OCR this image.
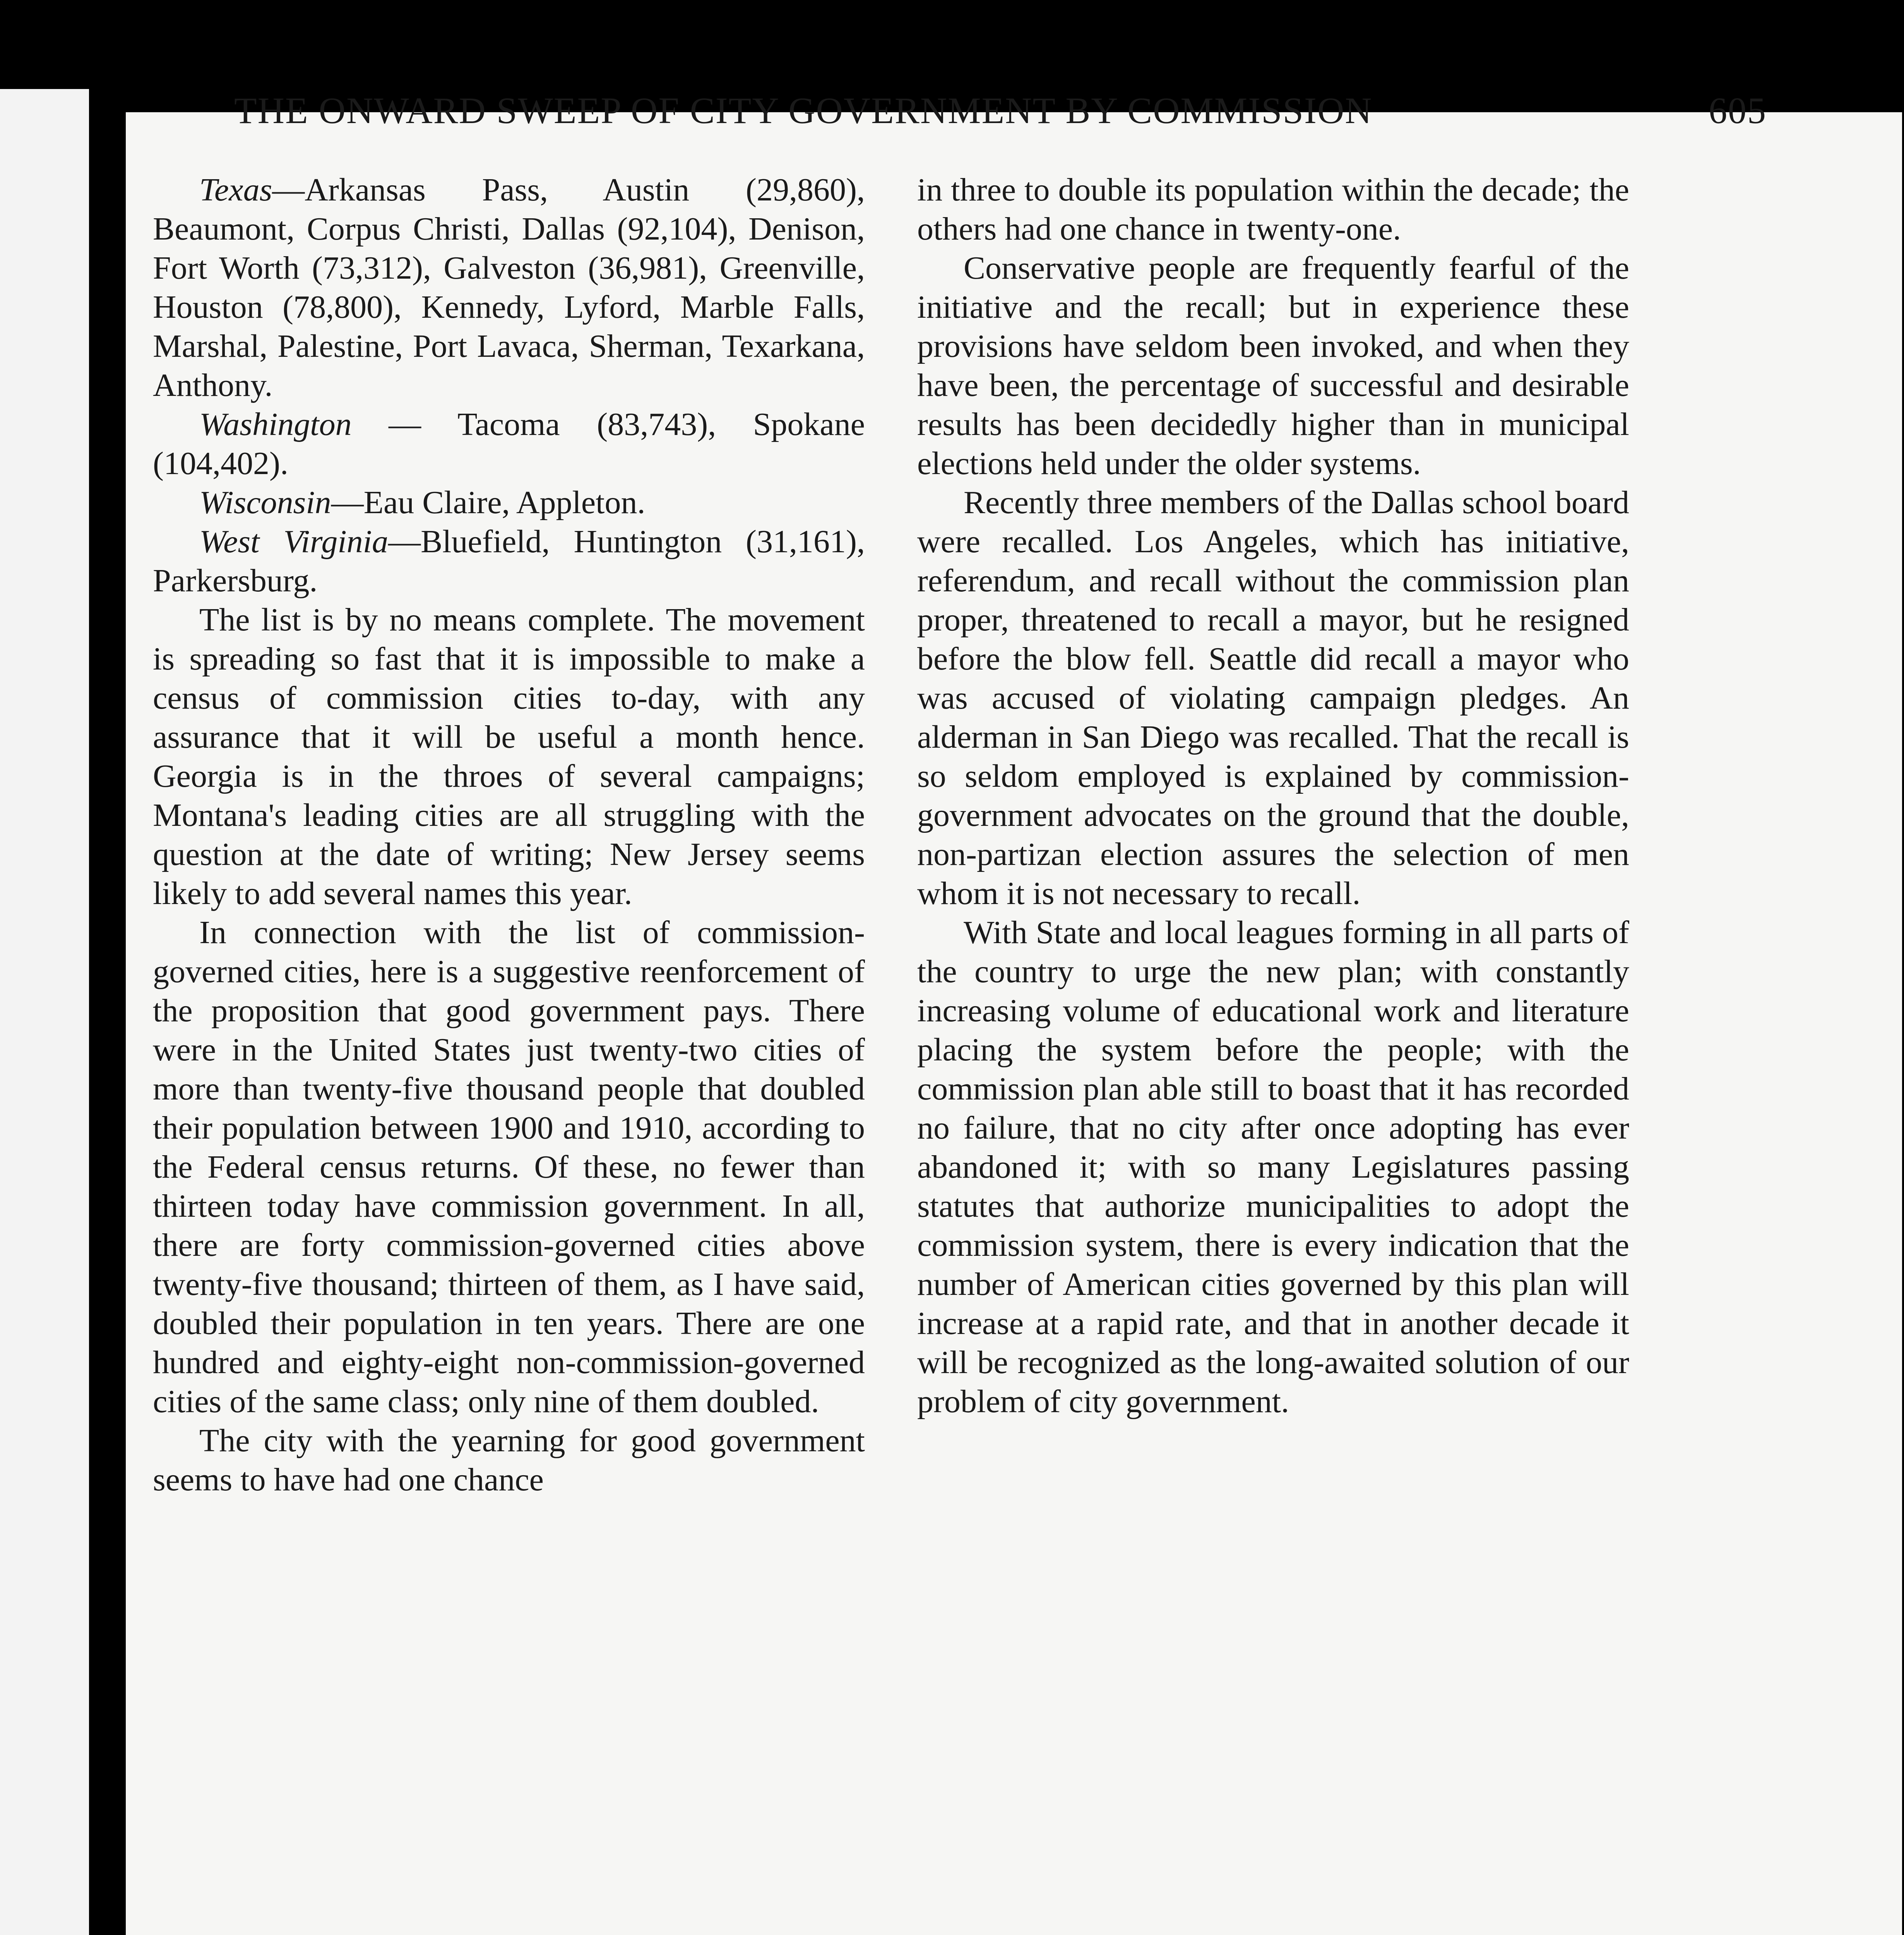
THE ONWARD SWEEP OF CITY GOVERNMENT BY COMMISSION	605

Texas—Arkansas Pass, Austin (29,860), Beaumont, Corpus Christi, Dallas (92,104), Denison, Fort Worth (73,312), Galveston (36,981), Greenville, Houston (78,800), Kennedy, Lyford, Marble Falls, Marshal, Palestine, Port Lavaca, Sherman, Texarkana, Anthony.

Washington — Tacoma (83,743), Spokane (104,402).

Wisconsin—Eau Claire, Appleton.

West Virginia—Bluefield, Huntington (31,161), Parkersburg.

The list is by no means complete. The movement is spreading so fast that it is impossible to make a census of commission cities to-day, with any assurance that it will be useful a month hence. Georgia is in the throes of several campaigns; Montana's leading cities are all struggling with the question at the date of writing; New Jersey seems likely to add several names this year.

In connection with the list of commission-governed cities, here is a suggestive reenforcement of the proposition that good government pays. There were in the United States just twenty-two cities of more than twenty-five thousand people that doubled their population between 1900 and 1910, according to the Federal census returns. Of these, no fewer than thirteen today have commission government. In all, there are forty commission-governed cities above twenty-five thousand; thirteen of them, as I have said, doubled their population in ten years. There are one hundred and eighty-eight non-commission-governed cities of the same class; only nine of them doubled.

The city with the yearning for good government seems to have had one chance

in three to double its population within the decade; the others had one chance in twenty-one.

Conservative people are frequently fearful of the initiative and the recall; but in experience these provisions have seldom been invoked, and when they have been, the percentage of successful and desirable results has been decidedly higher than in municipal elections held under the older systems.

Recently three members of the Dallas school board were recalled. Los Angeles, which has initiative, referendum, and recall without the commission plan proper, threatened to recall a mayor, but he resigned before the blow fell. Seattle did recall a mayor who was accused of violating campaign pledges. An alderman in San Diego was recalled. That the recall is so seldom employed is explained by commission-government advocates on the ground that the double, non-partizan election assures the selection of men whom it is not necessary to recall.

With State and local leagues forming in all parts of the country to urge the new plan; with constantly increasing volume of educational work and literature placing the system before the people; with the commission plan able still to boast that it has recorded no failure, that no city after once adopting has ever abandoned it; with so many Legislatures passing statutes that authorize municipalities to adopt the commission system, there is every indication that the number of American cities governed by this plan will increase at a rapid rate, and that in another decade it will be recognized as the long-awaited solution of our problem of city government.
